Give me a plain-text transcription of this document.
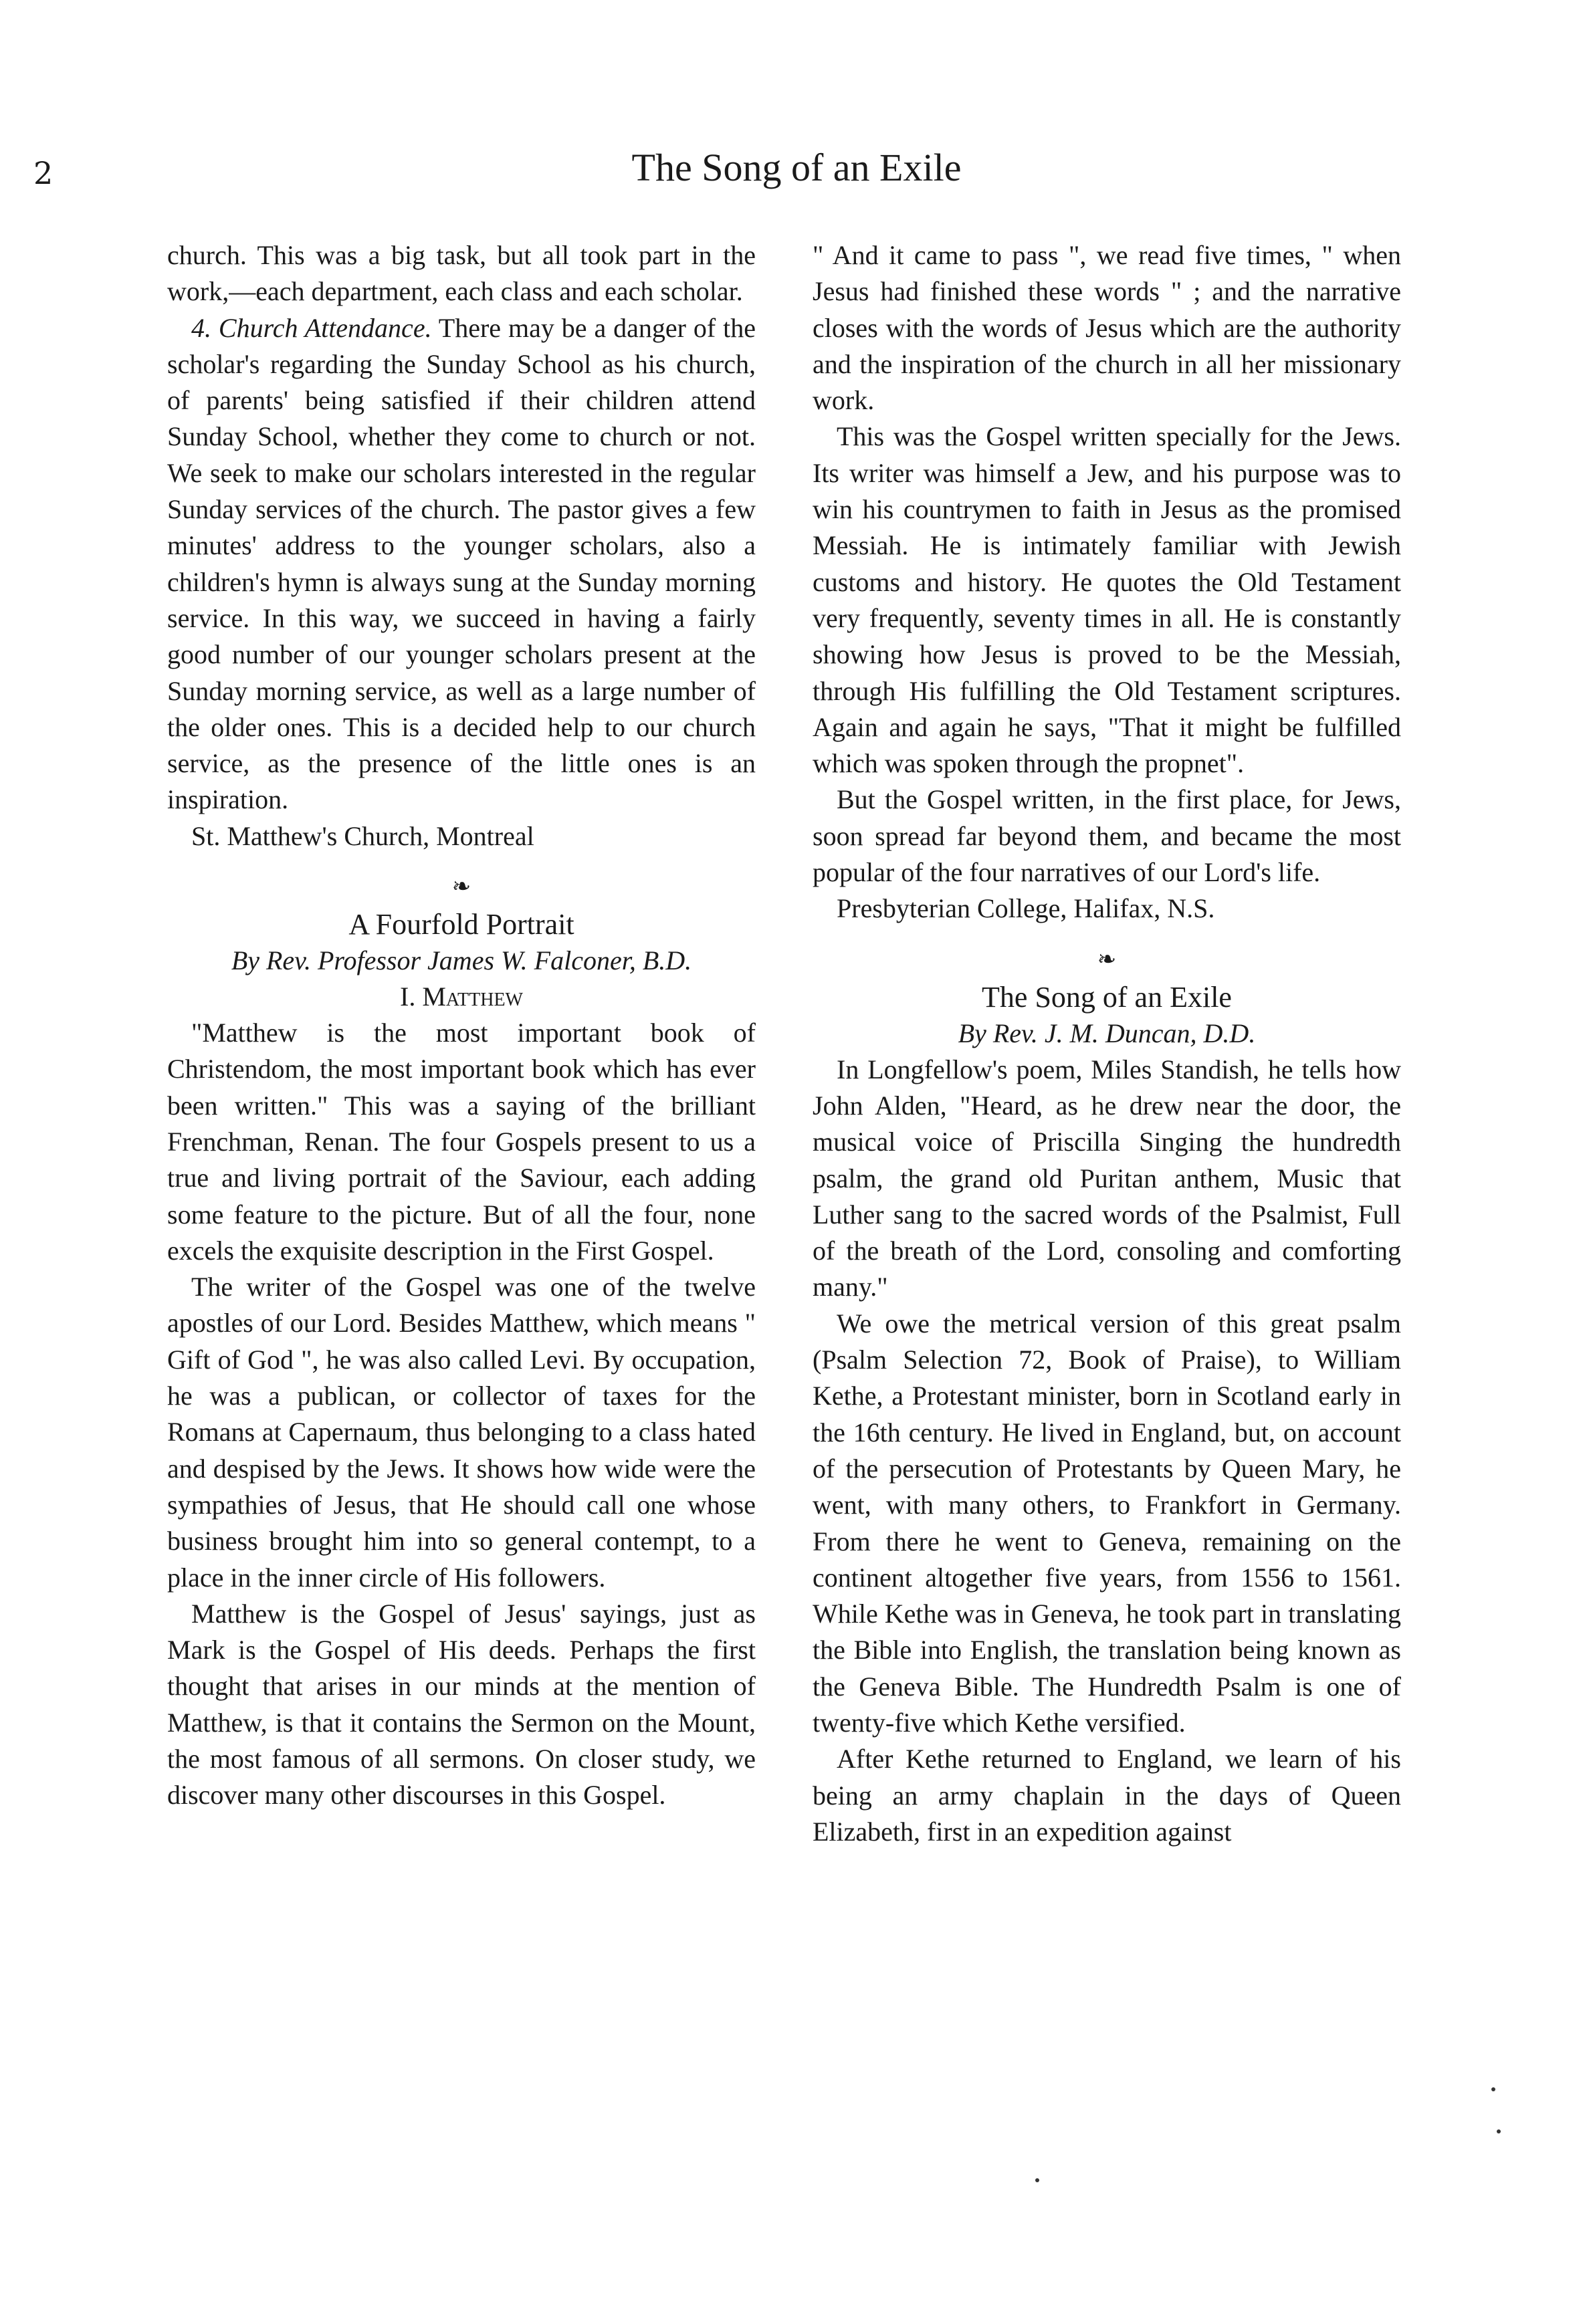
2	The Song of an Exile

church. This was a big task, but all took part in the work,—each department, each class and each scholar.

4. Church Attendance. There may be a danger of the scholar's regarding the Sunday School as his church, of parents' being satisfied if their children attend Sunday School, whether they come to church or not. We seek to make our scholars interested in the regular Sunday services of the church. The pastor gives a few minutes' address to the younger scholars, also a children's hymn is always sung at the Sunday morning service. In this way, we succeed in having a fairly good number of our younger scholars present at the Sunday morning service, as well as a large number of the older ones. This is a decided help to our church service, as the presence of the little ones is an inspiration.

St. Matthew's Church, Montreal

❧
A Fourfold Portrait
By Rev. Professor James W. Falconer, B.D.
I. Matthew

"Matthew is the most important book of Christendom, the most important book which has ever been written." This was a saying of the brilliant Frenchman, Renan. The four Gospels present to us a true and living portrait of the Saviour, each adding some feature to the picture. But of all the four, none excels the exquisite description in the First Gospel.

The writer of the Gospel was one of the twelve apostles of our Lord. Besides Matthew, which means " Gift of God ", he was also called Levi. By occupation, he was a publican, or collector of taxes for the Romans at Capernaum, thus belonging to a class hated and despised by the Jews. It shows how wide were the sympathies of Jesus, that He should call one whose business brought him into so general contempt, to a place in the inner circle of His followers.

Matthew is the Gospel of Jesus' sayings, just as Mark is the Gospel of His deeds. Perhaps the first thought that arises in our minds at the mention of Matthew, is that it contains the Sermon on the Mount, the most famous of all sermons. On closer study, we discover many other discourses in this Gospel.

" And it came to pass ", we read five times, " when Jesus had finished these words " ; and the narrative closes with the words of Jesus which are the authority and the inspiration of the church in all her missionary work.

This was the Gospel written specially for the Jews. Its writer was himself a Jew, and his purpose was to win his countrymen to faith in Jesus as the promised Messiah. He is intimately familiar with Jewish customs and history. He quotes the Old Testament very frequently, seventy times in all. He is constantly showing how Jesus is proved to be the Messiah, through His fulfilling the Old Testament scriptures. Again and again he says, "That it might be fulfilled which was spoken through the propnet".

But the Gospel written, in the first place, for Jews, soon spread far beyond them, and became the most popular of the four narratives of our Lord's life.

Presbyterian College, Halifax, N.S.

❧
The Song of an Exile
By Rev. J. M. Duncan, D.D.

In Longfellow's poem, Miles Standish, he tells how John Alden, "Heard, as he drew near the door, the musical voice of Priscilla Singing the hundredth psalm, the grand old Puritan anthem, Music that Luther sang to the sacred words of the Psalmist, Full of the breath of the Lord, consoling and comforting many."

We owe the metrical version of this great psalm (Psalm Selection 72, Book of Praise), to William Kethe, a Protestant minister, born in Scotland early in the 16th century. He lived in England, but, on account of the persecution of Protestants by Queen Mary, he went, with many others, to Frankfort in Germany. From there he went to Geneva, remaining on the continent altogether five years, from 1556 to 1561. While Kethe was in Geneva, he took part in translating the Bible into English, the translation being known as the Geneva Bible. The Hundredth Psalm is one of twenty-five which Kethe versified.

After Kethe returned to England, we learn of his being an army chaplain in the days of Queen Elizabeth, first in an expedition against
